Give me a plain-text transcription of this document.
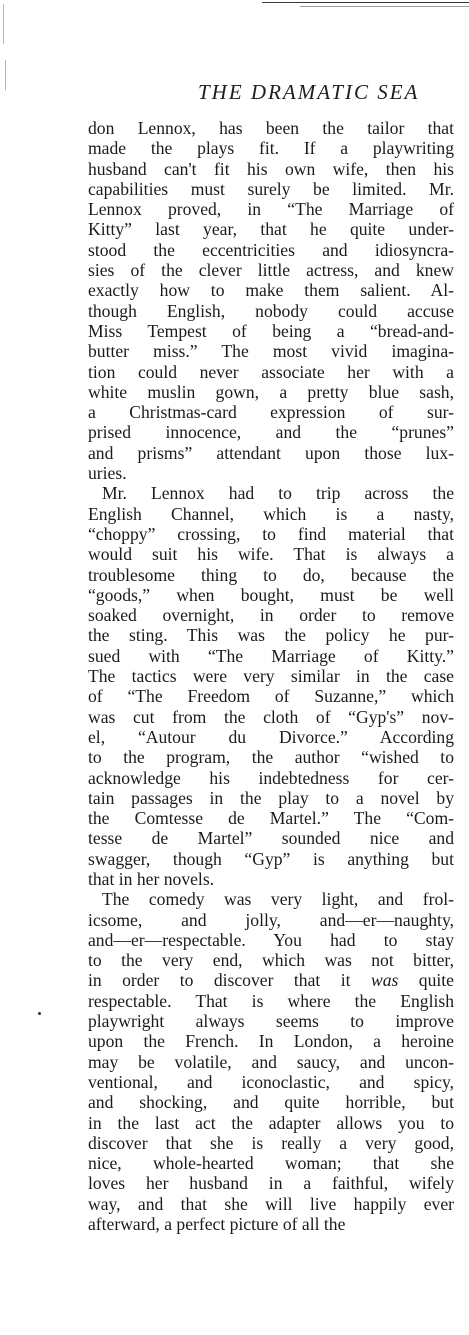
THE DRAMATIC SEA

don Lennox, has been the tailor that
made the plays fit. If a playwriting
husband can't fit his own wife, then his
capabilities must surely be limited. Mr.
Lennox proved, in “The Marriage of
Kitty” last year, that he quite under-
stood the eccentricities and idiosyncra-
sies of the clever little actress, and knew
exactly how to make them salient. Al-
though English, nobody could accuse
Miss Tempest of being a “bread-and-
butter miss.” The most vivid imagina-
tion could never associate her with a
white muslin gown, a pretty blue sash,
a Christmas-card expression of sur-
prised innocence, and the “prunes”
and prisms” attendant upon those lux-
uries.

Mr. Lennox had to trip across the
English Channel, which is a nasty,
“choppy” crossing, to find material that
would suit his wife. That is always a
troublesome thing to do, because the
“goods,” when bought, must be well
soaked overnight, in order to remove
the sting. This was the policy he pur-
sued with “The Marriage of Kitty.”
The tactics were very similar in the case
of “The Freedom of Suzanne,” which
was cut from the cloth of “Gyp's” nov-
el, “Autour du Divorce.” According
to the program, the author “wished to
acknowledge his indebtedness for cer-
tain passages in the play to a novel by
the Comtesse de Martel.” The “Com-
tesse de Martel” sounded nice and
swagger, though “Gyp” is anything but
that in her novels.

The comedy was very light, and frol-
icsome, and jolly, and—er—naughty,
and—er—respectable. You had to stay
to the very end, which was not bitter,
in order to discover that it was quite
respectable. That is where the English
playwright always seems to improve
upon the French. In London, a heroine
may be volatile, and saucy, and uncon-
ventional, and iconoclastic, and spicy,
and shocking, and quite horrible, but
in the last act the adapter allows you to
discover that she is really a very good,
nice, whole-hearted woman; that she
loves her husband in a faithful, wifely
way, and that she will live happily ever
afterward, a perfect picture of all the
